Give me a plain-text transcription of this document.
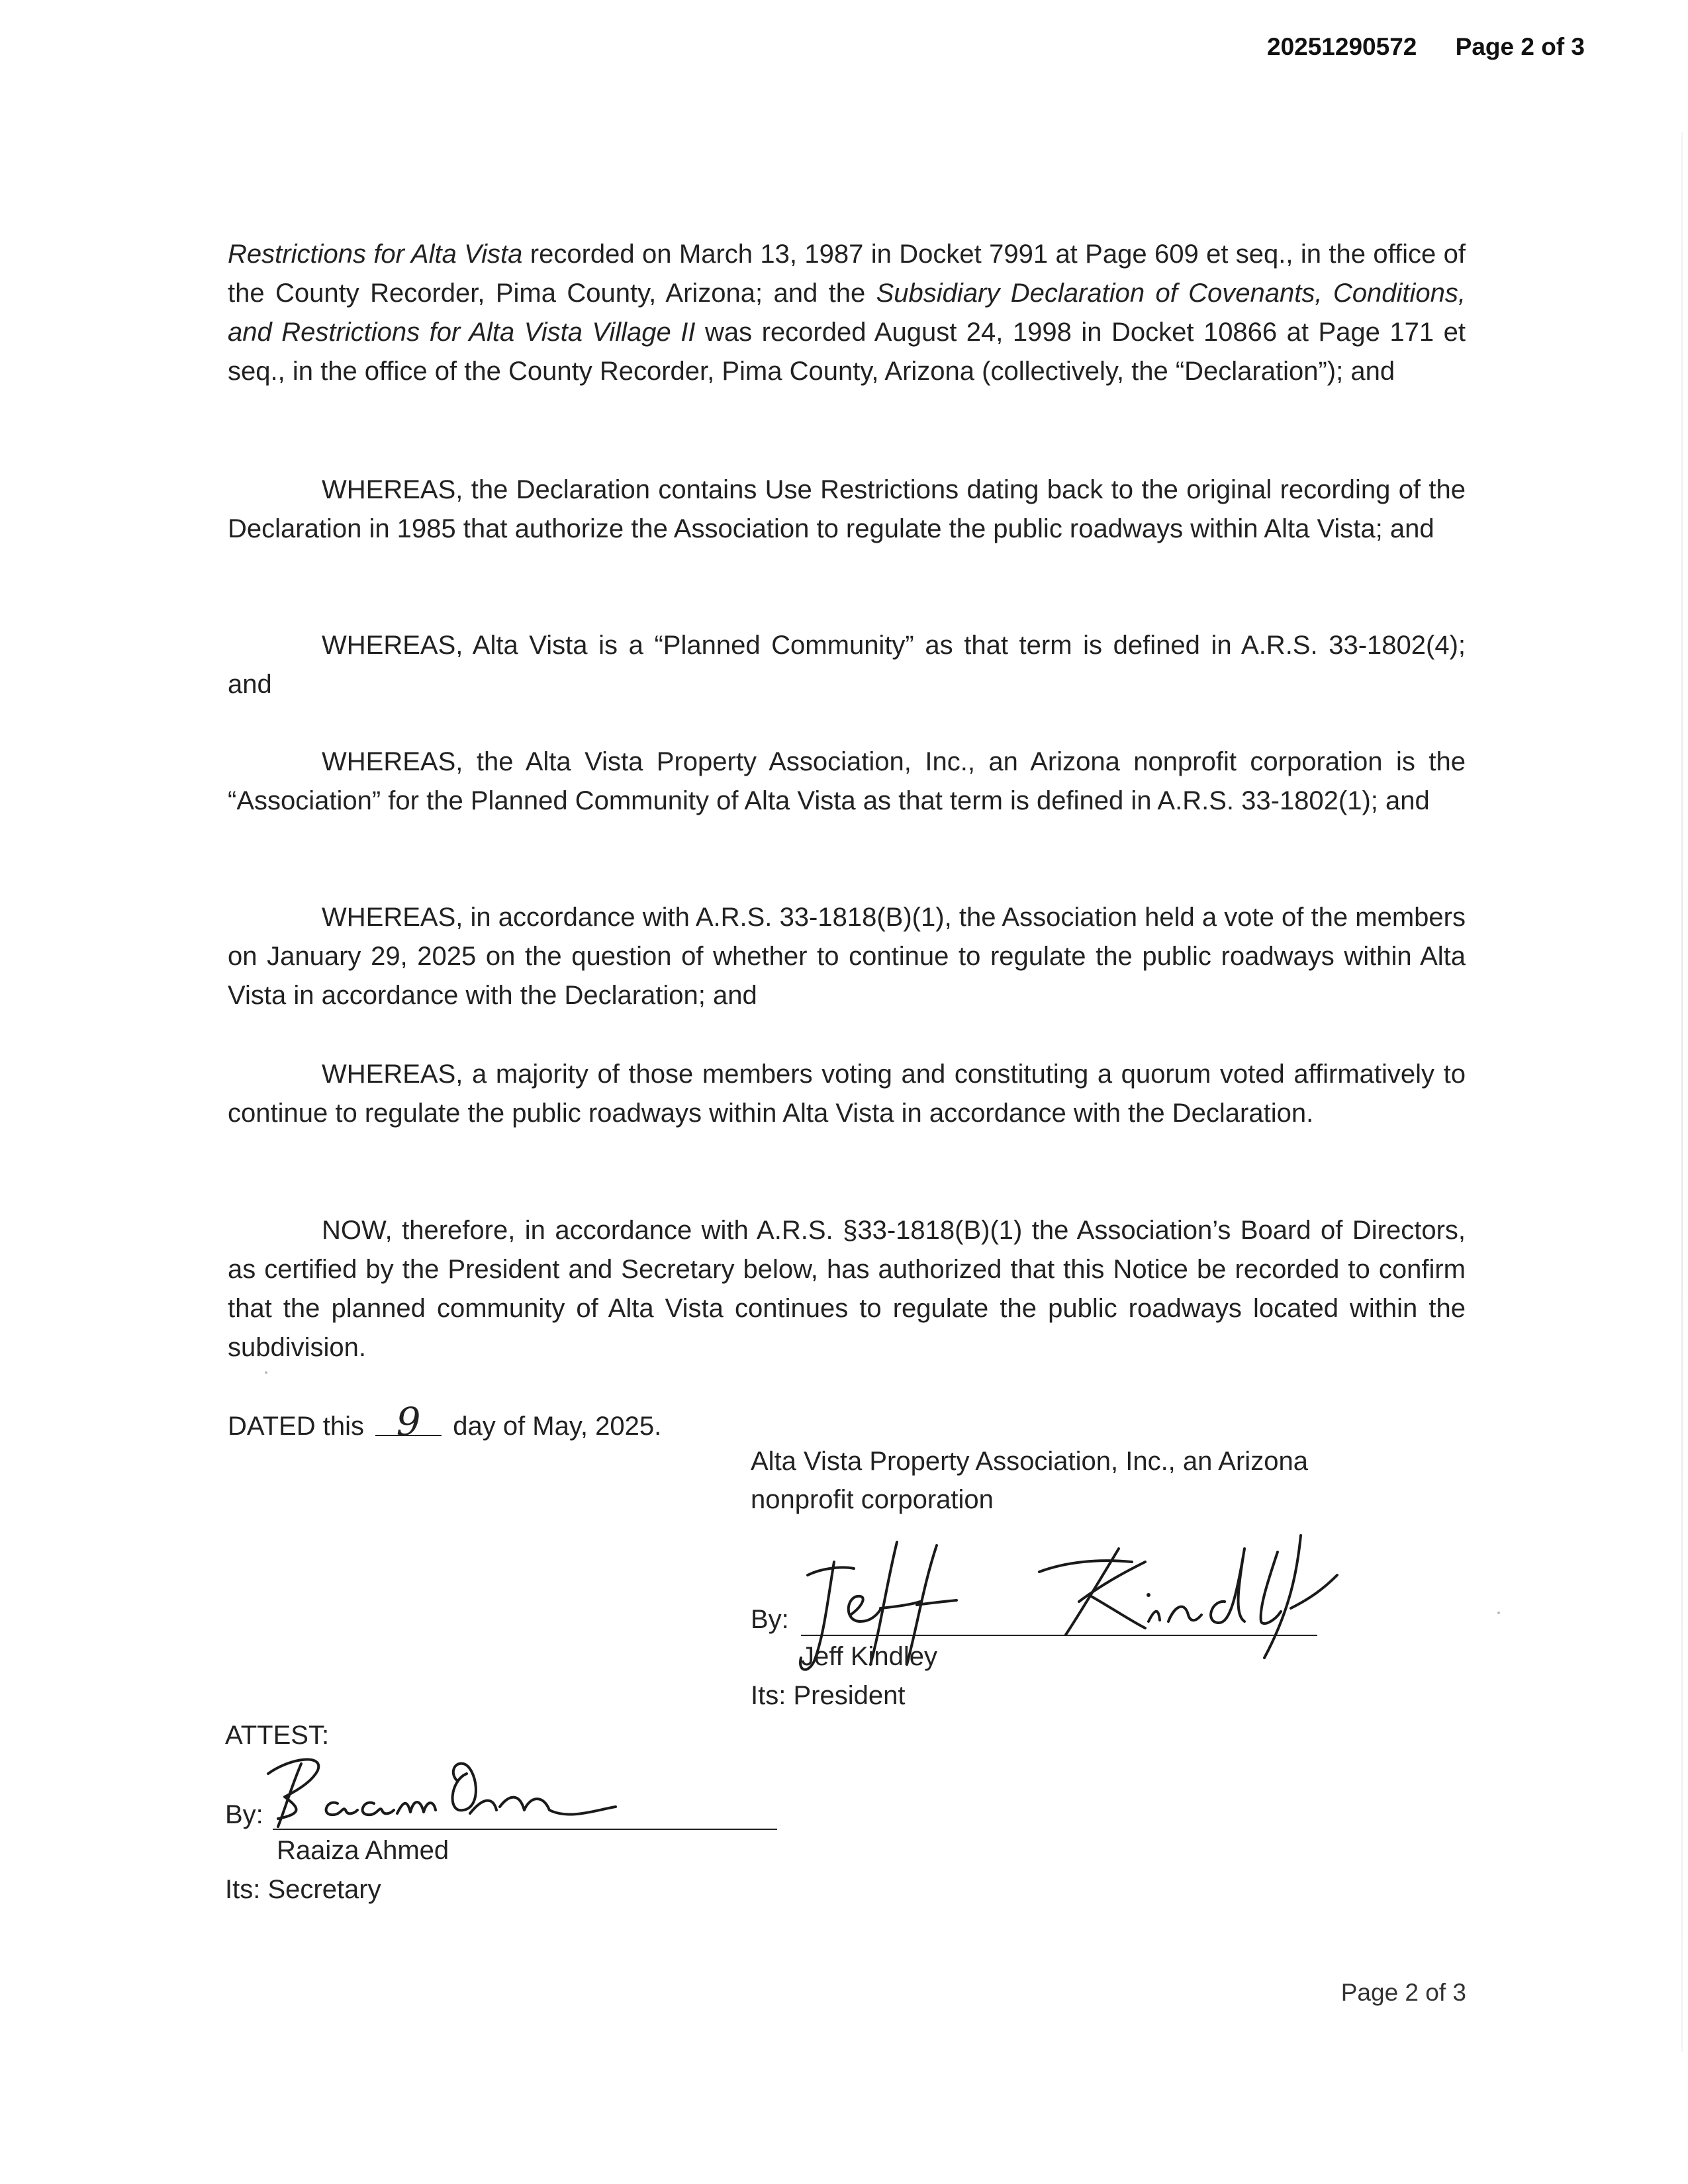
20251290572 Page 2 of 3
Restrictions for Alta Vista recorded on March 13, 1987 in Docket 7991 at Page 609 et seq., in the office of the County Recorder, Pima County, Arizona; and the Subsidiary Declaration of Covenants, Conditions, and Restrictions for Alta Vista Village II was recorded August 24, 1998 in Docket 10866 at Page 171 et seq., in the office of the County Recorder, Pima County, Arizona (collectively, the “Declaration”); and
WHEREAS, the Declaration contains Use Restrictions dating back to the original recording of the Declaration in 1985 that authorize the Association to regulate the public roadways within Alta Vista; and
WHEREAS, Alta Vista is a “Planned Community” as that term is defined in A.R.S. 33-1802(4); and
WHEREAS, the Alta Vista Property Association, Inc., an Arizona nonprofit corporation is the “Association” for the Planned Community of Alta Vista as that term is defined in A.R.S. 33-1802(1); and
WHEREAS, in accordance with A.R.S. 33-1818(B)(1), the Association held a vote of the members on January 29, 2025 on the question of whether to continue to regulate the public roadways within Alta Vista in accordance with the Declaration; and
WHEREAS, a majority of those members voting and constituting a quorum voted affirmatively to continue to regulate the public roadways within Alta Vista in accordance with the Declaration.
NOW, therefore, in accordance with A.R.S. §33-1818(B)(1) the Association’s Board of Directors, as certified by the President and Secretary below, has authorized that this Notice be recorded to confirm that the planned community of Alta Vista continues to regulate the public roadways located within the subdivision.
DATED this 9 day of May, 2025.
Alta Vista Property Association, Inc., an Arizona
nonprofit corporation
By:
Jeff Kindley
Its: President
ATTEST:
By:
Raaiza Ahmed
Its: Secretary
Page 2 of 3
